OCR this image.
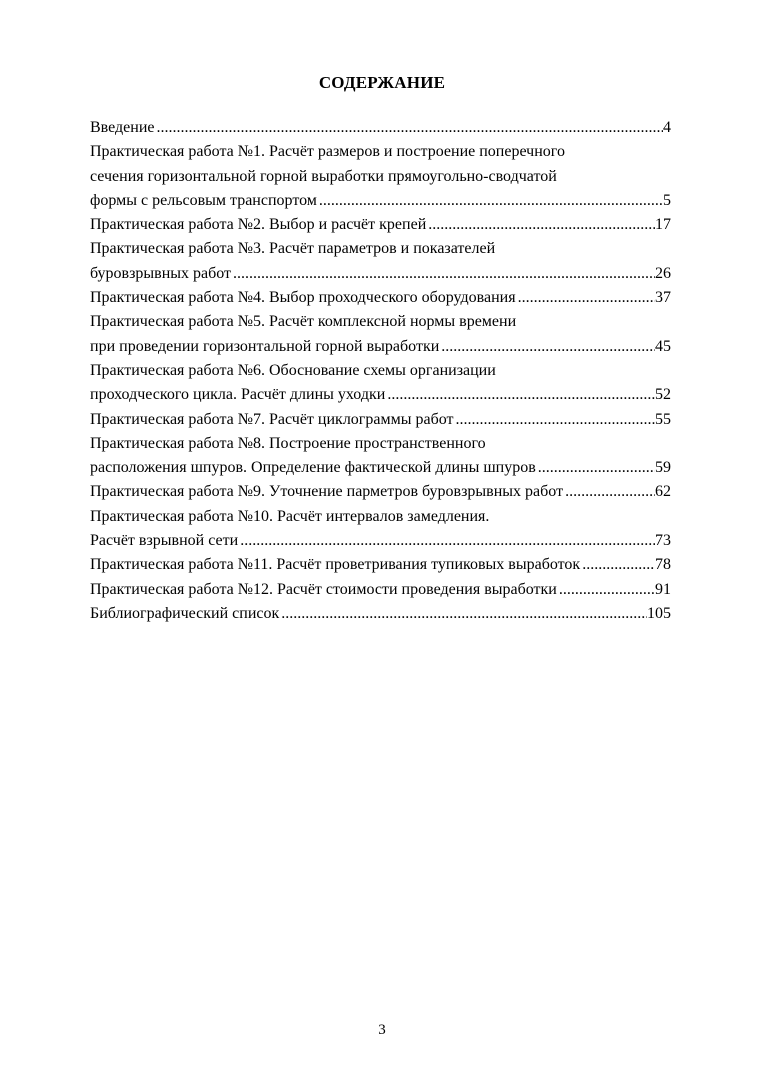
СОДЕРЖАНИЕ
Введение .....	4
Практическая работа №1. Расчёт размеров и построение поперечного
сечения горизонтальной горной выработки прямоугольно-сводчатой
формы с рельсовым транспортом .....	5
Практическая работа №2. Выбор и расчёт крепей .....	17
Практическая работа №3. Расчёт параметров и показателей
буровзрывных работ .....	26
Практическая работа №4. Выбор проходческого оборудования .....	37
Практическая работа №5. Расчёт комплексной нормы времени
при проведении горизонтальной горной выработки .....	45
Практическая работа №6. Обоснование схемы организации
проходческого цикла. Расчёт длины уходки .....	52
Практическая работа №7. Расчёт циклограммы работ .....	55
Практическая работа №8. Построение пространственного
расположения шпуров. Определение фактической длины шпуров .....	59
Практическая работа №9. Уточнение парметров буровзрывных работ .....	62
Практическая работа №10. Расчёт интервалов замедления.
Расчёт взрывной сети .....	73
Практическая работа №11. Расчёт проветривания тупиковых выработок .....	78
Практическая работа №12. Расчёт стоимости проведения выработки .....	91
Библиографический список .....	105
3
